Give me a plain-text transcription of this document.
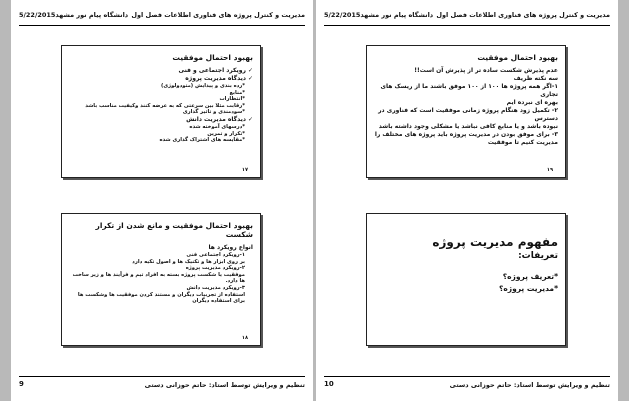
مدیریت و کنترل پروژه های فناوری اطلاعات فصل اول
5/22/2015دانشگاه پیام نور مشهد
بهبود احتمال موفقیت
✓رویکرد اجتماعی و فنی
✓دیدگاه مدیریت پروژه
*رده بندی و پیدایش (متودولوژی)
*منابع
*انتظارات
*رقابت مثلا بین سرعتی که به عرضه کنند وکیفیت مناسب باشد
*سودمندی و تاثیر گذاری
✓دیدگاه مدیریت دانش
*درسهای آموخته شده
*تکرار و تمرین
*مقایسه های اشتراک گذاری شده
١٧
بهبود احتمال موفقیت و مانع شدن از تکرار شکست
انواع رویکرد ها
١-رویکرد اجتماعی فنی
بر روی ابزار ها و تکنیک ها و اصول تکیه دارد
٢-رویکرد مدیریت پروژه
موفقیت یا شکست پروژه بسته به افراد تیم و فرآیند ها و زیر ساخت
ها دارد.
٣-رویکرد مدیریت دانش
استفاده از تجربیات دیگران و مستند کردن موفقیت ها وشکست ها
برای استفاده دیگران
١٨
تنظیم و ویرایش توسط استاد: حاتم حوزانی دستی
9
مدیریت و کنترل پروژه های فناوری اطلاعات فصل اول
5/22/2015دانشگاه پیام نور مشهد
بهبود احتمال موفقیت
عدم پذیرش شکست ساده تر از پذیرش آن است!!
سه نکته ظریف
١-اگر همه پروژه ها ١٠٠ از ١٠٠ موفق باشند ما از ریسک های تجاری
بهره ای نبرده ایم
٢- تکمیل زود هنگام پروژه زمانی موفقیت است که فناوری در دسترس
نبوده باشد و یا منابع کافی نباشد یا مشکلی وجود داشته باشد
٣- برای موفق بودن در مدیریت پروژه باید پروژه های مختلف را
مدیریت کنیم تا موفقیت
١٩
مفهوم مدیریت پروژه
تعریفات:
*تعریف پروژه؟
*مدیریت پروژه؟
تنظیم و ویرایش توسط استاد: حاتم حوزانی دستی
10
